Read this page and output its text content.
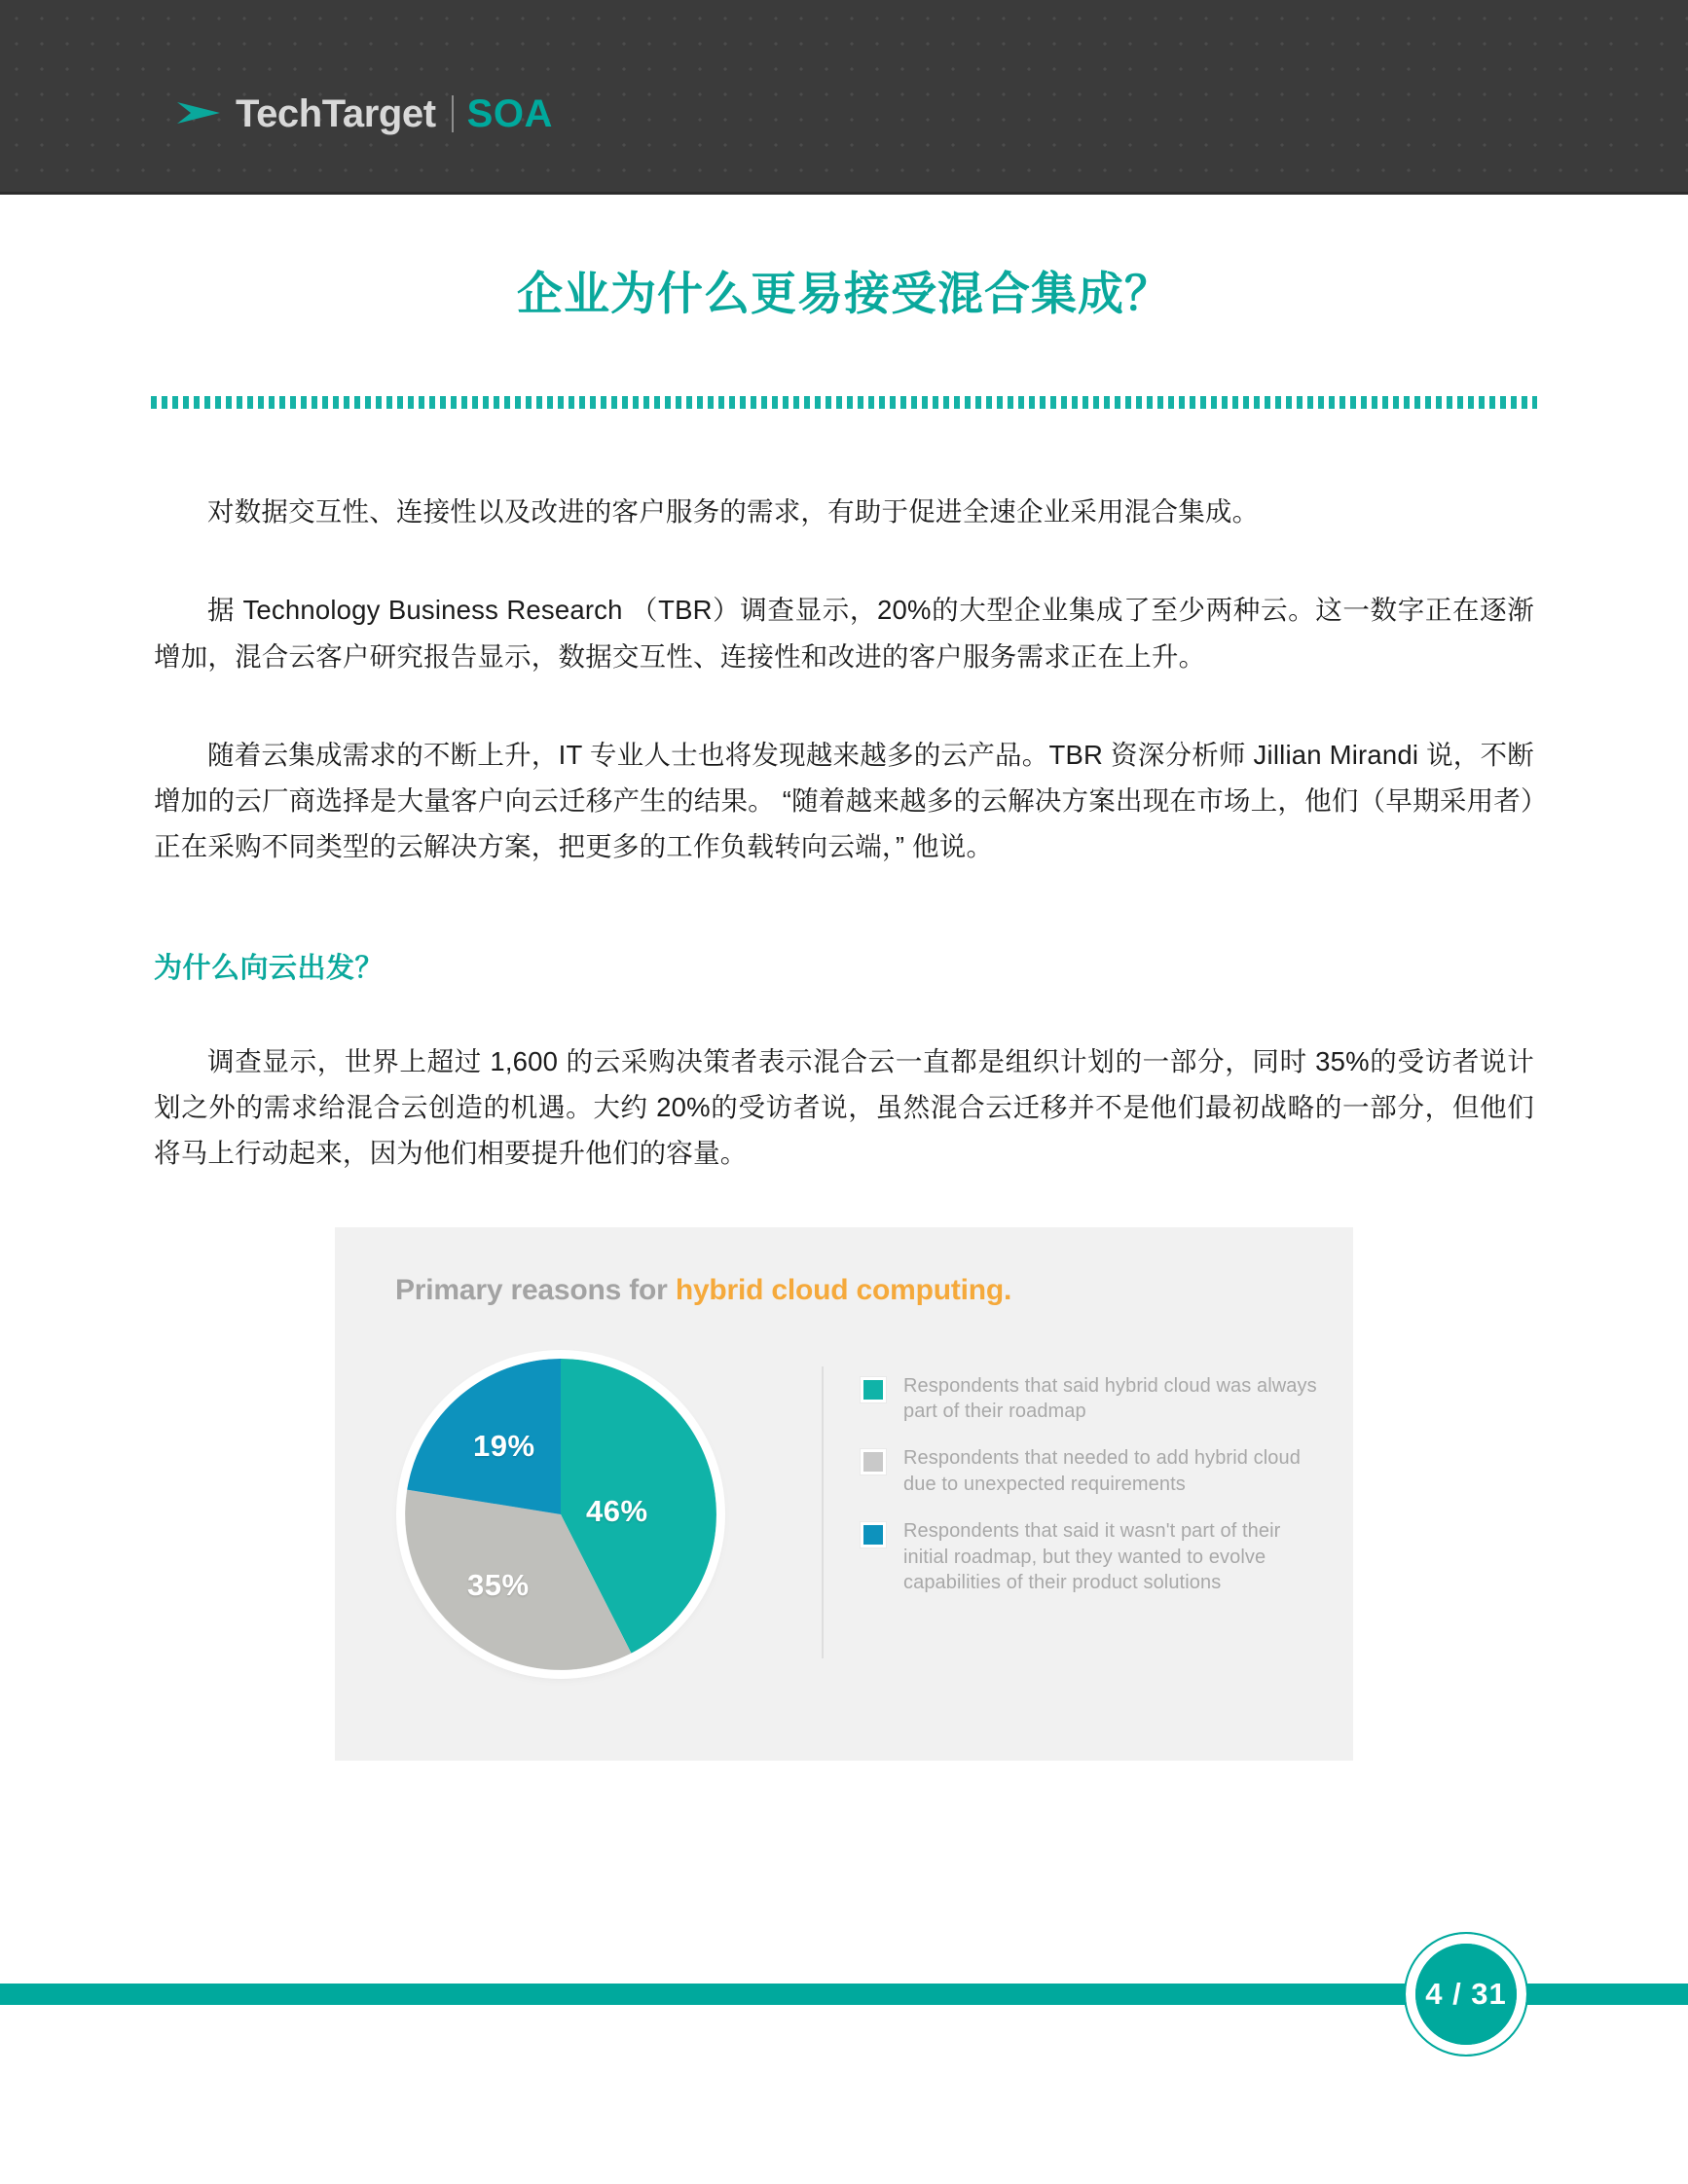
TechTarget SOA
企业为什么更易接受混合集成？

对数据交互性、连接性以及改进的客户服务的需求，有助于促进全速企业采用混合集成。

据 Technology Business Research （TBR）调查显示，20%的大型企业集成了至少两种云。这一数字正在逐渐增加，混合云客户研究报告显示，数据交互性、连接性和改进的客户服务需求正在上升。

随着云集成需求的不断上升，IT 专业人士也将发现越来越多的云产品。TBR 资深分析师 Jillian Mirandi 说，不断增加的云厂商选择是大量客户向云迁移产生的结果。 “随着越来越多的云解决方案出现在市场上，他们（早期采用者）正在采购不同类型的云解决方案，把更多的工作负载转向云端，” 他说。

为什么向云出发？

调查显示，世界上超过 1,600 的云采购决策者表示混合云一直都是组织计划的一部分，同时 35%的受访者说计划之外的需求给混合云创造的机遇。大约 20%的受访者说，虽然混合云迁移并不是他们最初战略的一部分，但他们将马上行动起来，因为他们相要提升他们的容量。

Primary reasons for hybrid cloud computing.
46%
35%
19%
Respondents that said hybrid cloud was always part of their roadmap
Respondents that needed to add hybrid cloud due to unexpected requirements
Respondents that said it wasn't part of their initial roadmap, but they wanted to evolve capabilities of their product solutions
4 / 31
